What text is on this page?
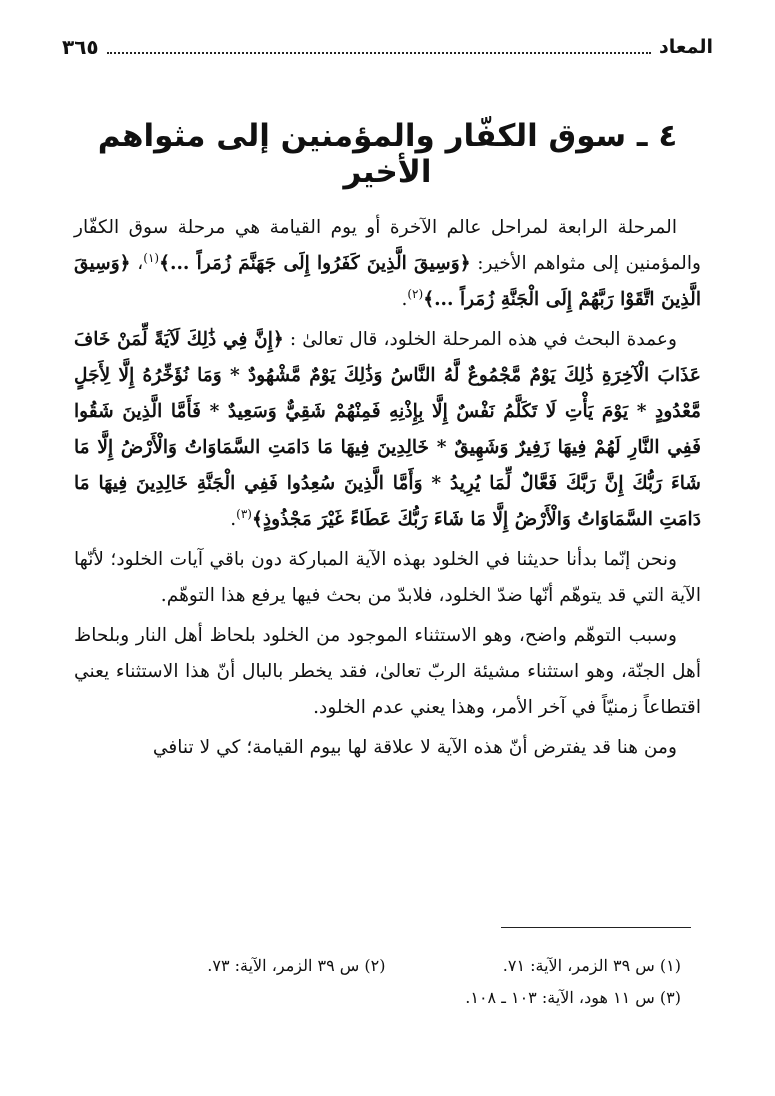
المعاد
٣٦٥
٤ ـ سوق الكفّار والمؤمنين إلى مثواهم الأخير

المرحلة الرابعة لمراحل عالم الآخرة أو يوم القيامة هي مرحلة سوق الكفّار والمؤمنين إلى مثواهم الأخير: ﴿وَسِيقَ الَّذِينَ كَفَرُوا إِلَى جَهَنَّمَ زُمَراً ...﴾$^{(١)}$، ﴿وَسِيقَ الَّذِينَ اتَّقَوْا رَبَّهُمْ إِلَى الْجَنَّةِ زُمَراً ...﴾$^{(٢)}$.

وعمدة البحث في هذه المرحلة الخلود، قال تعالىٰ : ﴿إِنَّ فِي ذَٰلِكَ لَآيَةً لِّمَنْ خَافَ عَذَابَ الْآخِرَةِ ذَٰلِكَ يَوْمٌ مَّجْمُوعٌ لَّهُ النَّاسُ وَذَٰلِكَ يَوْمٌ مَّشْهُودٌ * وَمَا نُؤَخِّرُهُ إِلَّا لِأَجَلٍ مَّعْدُودٍ * يَوْمَ يَأْتِ لَا تَكَلَّمُ نَفْسٌ إِلَّا بِإِذْنِهِ فَمِنْهُمْ شَقِيٌّ وَسَعِيدٌ * فَأَمَّا الَّذِينَ شَقُوا فَفِي النَّارِ لَهُمْ فِيهَا زَفِيرٌ وَشَهِيقٌ * خَالِدِينَ فِيهَا مَا دَامَتِ السَّمَاوَاتُ وَالْأَرْضُ إِلَّا مَا شَاءَ رَبُّكَ إِنَّ رَبَّكَ فَعَّالٌ لِّمَا يُرِيدُ * وَأَمَّا الَّذِينَ سُعِدُوا فَفِي الْجَنَّةِ خَالِدِينَ فِيهَا مَا دَامَتِ السَّمَاوَاتُ وَالْأَرْضُ إِلَّا مَا شَاءَ رَبُّكَ عَطَاءً غَيْرَ مَجْذُوذٍ﴾$^{(٣)}$.

ونحن إنّما بدأنا حديثنا في الخلود بهذه الآية المباركة دون باقي آيات الخلود؛ لأنّها الآية التي قد يتوهّم أنّها ضدّ الخلود، فلابدّ من بحث فيها يرفع هذا التوهّم.

وسبب التوهّم واضح، وهو الاستثناء الموجود من الخلود بلحاظ أهل النار وبلحاظ أهل الجنّة، وهو استثناء مشيئة الربّ تعالىٰ، فقد يخطر بالبال أنّ هذا الاستثناء يعني اقتطاعاً زمنيّاً في آخر الأمر، وهذا يعني عدم الخلود.

ومن هنا قد يفترض أنّ هذه الآية لا علاقة لها بيوم القيامة؛ كي لا تنافي

(١) س ٣٩ الزمر، الآية: ٧١.
(٢) س ٣٩ الزمر، الآية: ٧٣.
(٣) س ١١ هود، الآية: ١٠٣ ـ ١٠٨.
